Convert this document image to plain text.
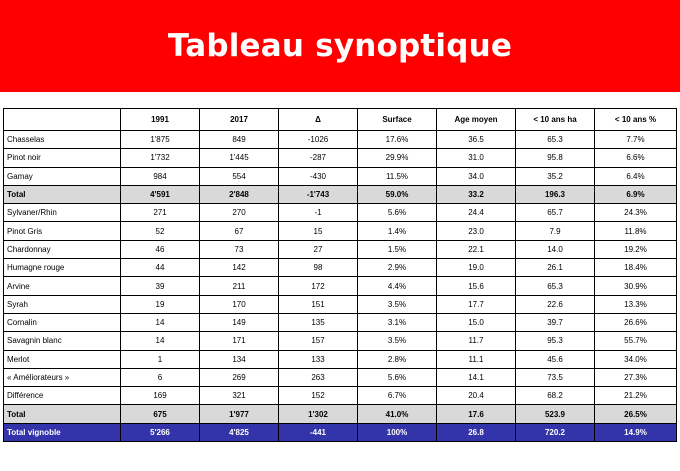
Tableau synoptique
	1991	2017	Δ	Surface	Age moyen	< 10 ans ha	< 10 ans %
Chasselas	1'875	849	-1026	17.6%	36.5	65.3	7.7%
Pinot noir	1'732	1'445	-287	29.9%	31.0	95.8	6.6%
Gamay	984	554	-430	11.5%	34.0	35.2	6.4%
Total	4'591	2'848	-1'743	59.0%	33.2	196.3	6.9%
Sylvaner/Rhin	271	270	-1	5.6%	24.4	65.7	24.3%
Pinot Gris	52	67	15	1.4%	23.0	7.9	11.8%
Chardonnay	46	73	27	1.5%	22.1	14.0	19.2%
Humagne rouge	44	142	98	2.9%	19.0	26.1	18.4%
Arvine	39	211	172	4.4%	15.6	65.3	30.9%
Syrah	19	170	151	3.5%	17.7	22.6	13.3%
Cornalin	14	149	135	3.1%	15.0	39.7	26.6%
Savagnin blanc	14	171	157	3.5%	11.7	95.3	55.7%
Merlot	1	134	133	2.8%	11.1	45.6	34.0%
« Améliorateurs »	6	269	263	5.6%	14.1	73.5	27.3%
Différence	169	321	152	6.7%	20.4	68.2	21.2%
Total	675	1'977	1'302	41.0%	17.6	523.9	26.5%
Total vignoble	5'266	4'825	-441	100%	26.8	720.2	14.9%
